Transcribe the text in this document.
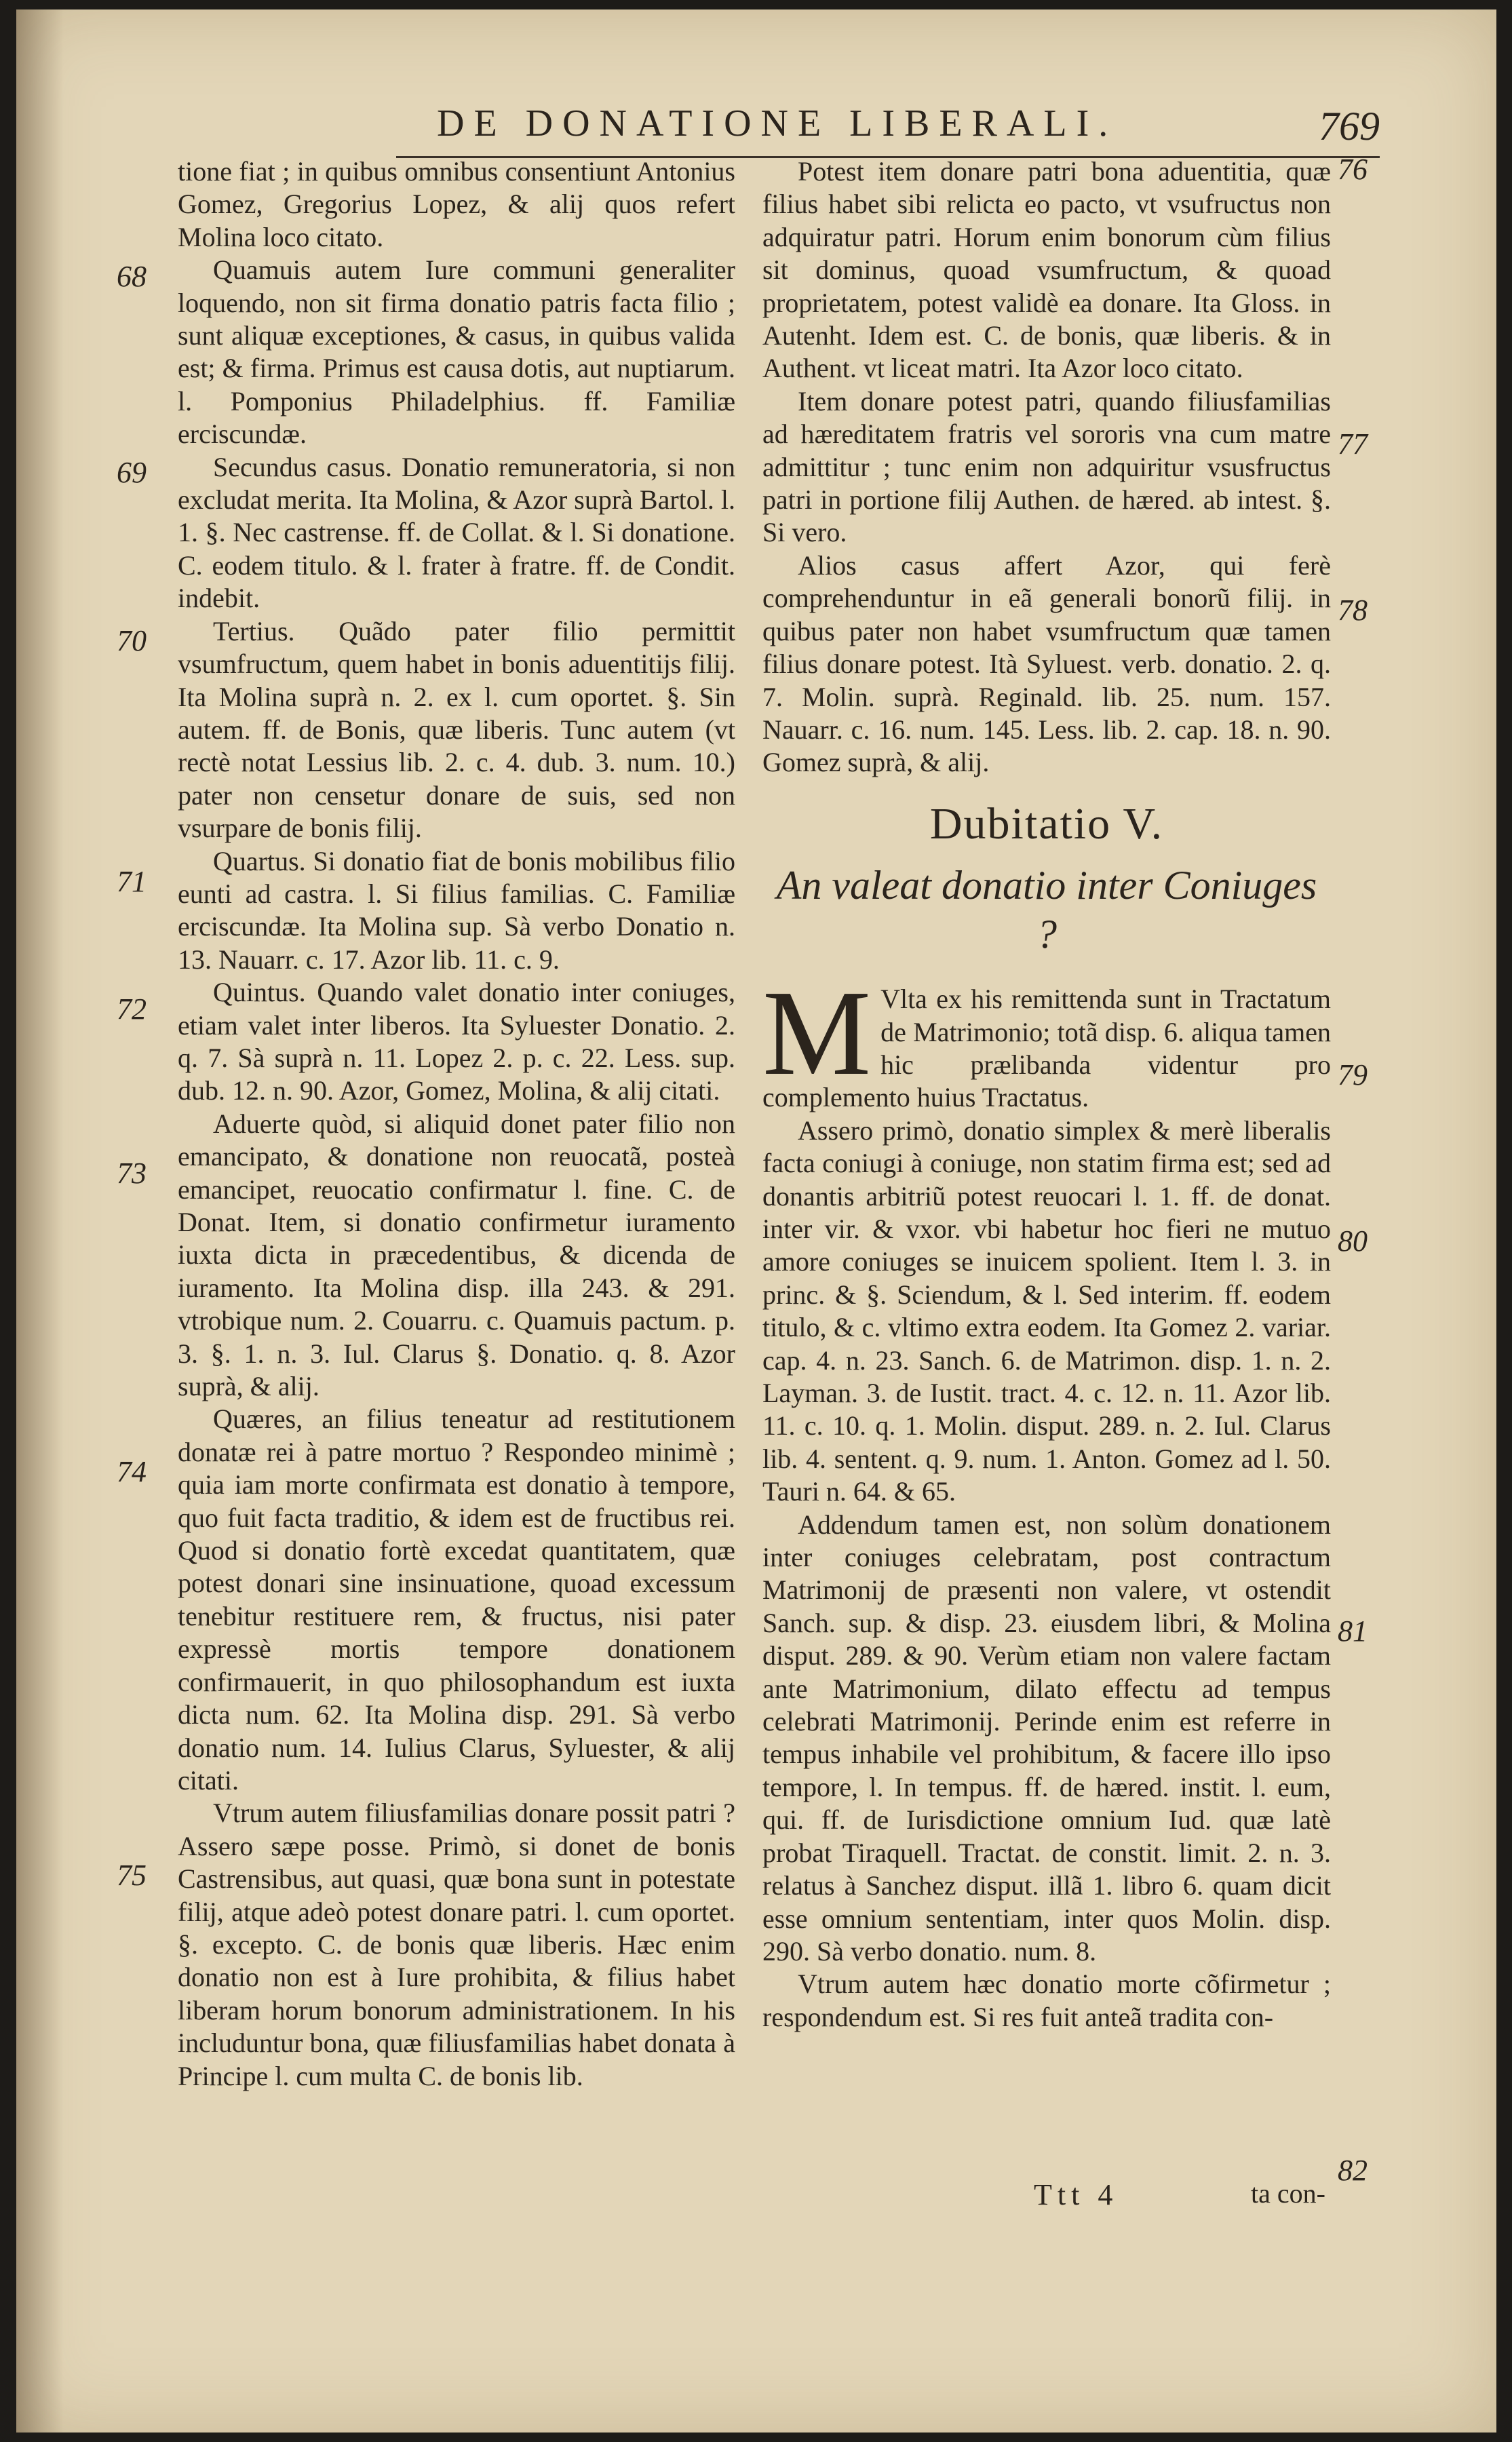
DE DONATIONE LIBERALI.	769

tione fiat ; in quibus omnibus consentiunt Antonius Gomez, Gregorius Lopez, & alij quos refert Molina loco citato.

Quamuis autem Iure communi generaliter loquendo, non sit firma donatio patris facta filio ; sunt aliquæ exceptiones, & casus, in quibus valida est; & firma. Primus est causa dotis, aut nuptiarum. l. Pomponius Philadelphius. ff. Familiæ erciscundæ.

Secundus casus. Donatio remuneratoria, si non excludat merita. Ita Molina, & Azor suprà Bartol. l. 1. §. Nec castrense. ff. de Collat. & l. Si donatione. C. eodem titulo. & l. frater à fratre. ff. de Condit. indebit.

Tertius. Quãdo pater filio permittit vsumfructum, quem habet in bonis aduentitijs filij. Ita Molina suprà n. 2. ex l. cum oportet. §. Sin autem. ff. de Bonis, quæ liberis. Tunc autem (vt rectè notat Lessius lib. 2. c. 4. dub. 3. num. 10.) pater non censetur donare de suis, sed non vsurpare de bonis filij.

Quartus. Si donatio fiat de bonis mobilibus filio eunti ad castra. l. Si filius familias. C. Familiæ erciscundæ. Ita Molina sup. Sà verbo Donatio n. 13. Nauarr. c. 17. Azor lib. 11. c. 9.

Quintus. Quando valet donatio inter coniuges, etiam valet inter liberos. Ita Syluester Donatio. 2. q. 7. Sà suprà n. 11. Lopez 2. p. c. 22. Less. sup. dub. 12. n. 90. Azor, Gomez, Molina, & alij citati.

Aduerte quòd, si aliquid donet pater filio non emancipato, & donatione non reuocatã, posteà emancipet, reuocatio confirmatur l. fine. C. de Donat. Item, si donatio confirmetur iuramento iuxta dicta in præcedentibus, & dicenda de iuramento. Ita Molina disp. illa 243. & 291. vtrobique num. 2. Couarru. c. Quamuis pactum. p. 3. §. 1. n. 3. Iul. Clarus §. Donatio. q. 8. Azor suprà, & alij.

Quæres, an filius teneatur ad restitutionem donatæ rei à patre mortuo ? Respondeo minimè ; quia iam morte confirmata est donatio à tempore, quo fuit facta traditio, & idem est de fructibus rei. Quod si donatio fortè excedat quantitatem, quæ potest donari sine insinuatione, quoad excessum tenebitur restituere rem, & fructus, nisi pater expressè mortis tempore donationem confirmauerit, in quo philosophandum est iuxta dicta num. 62. Ita Molina disp. 291. Sà verbo donatio num. 14. Iulius Clarus, Syluester, & alij citati.

Vtrum autem filiusfamilias donare possit patri ? Assero sæpe posse. Primò, si donet de bonis Castrensibus, aut quasi, quæ bona sunt in potestate filij, atque adeò potest donare patri. l. cum oportet. §. excepto. C. de bonis quæ liberis. Hæc enim donatio non est à Iure prohibita, & filius habet liberam horum bonorum administrationem. In his includuntur bona, quæ filiusfamilias habet donata à Principe l. cum multa C. de bonis lib.

68
69
70
71
72
73
74
75

Potest item donare patri bona aduentitia, quæ filius habet sibi relicta eo pacto, vt vsufructus non adquiratur patri. Horum enim bonorum cùm filius sit dominus, quoad vsumfructum, & quoad proprietatem, potest validè ea donare. Ita Gloss. in Autenht. Idem est. C. de bonis, quæ liberis. & in Authent. vt liceat matri. Ita Azor loco citato.

Item donare potest patri, quando filiusfamilias ad hæreditatem fratris vel sororis vna cum matre admittitur ; tunc enim non adquiritur vsusfructus patri in portione filij Authen. de hæred. ab intest. §. Si vero.

Alios casus affert Azor, qui ferè comprehenduntur in eã generali bonorũ filij. in quibus pater non habet vsumfructum quæ tamen filius donare potest. Ità Syluest. verb. donatio. 2. q. 7. Molin. suprà. Reginald. lib. 25. num. 157. Nauarr. c. 16. num. 145. Less. lib. 2. cap. 18. n. 90. Gomez suprà, & alij.

Dubitatio V.
An valeat donatio inter Coniuges ?

M Vlta ex his remittenda sunt in Tractatum de Matrimonio; totã disp. 6. aliqua tamen hic prælibanda videntur pro complemento huius Tractatus.

Assero primò, donatio simplex & merè liberalis facta coniugi à coniuge, non statim firma est; sed ad donantis arbitriũ potest reuocari l. 1. ff. de donat. inter vir. & vxor. vbi habetur hoc fieri ne mutuo amore coniuges se inuicem spolient. Item l. 3. in princ. & §. Sciendum, & l. Sed interim. ff. eodem titulo, & c. vltimo extra eodem. Ita Gomez 2. variar. cap. 4. n. 23. Sanch. 6. de Matrimon. disp. 1. n. 2. Layman. 3. de Iustit. tract. 4. c. 12. n. 11. Azor lib. 11. c. 10. q. 1. Molin. disput. 289. n. 2. Iul. Clarus lib. 4. sentent. q. 9. num. 1. Anton. Gomez ad l. 50. Tauri n. 64. & 65.

Addendum tamen est, non solùm donationem inter coniuges celebratam, post contractum Matrimonij de præsenti non valere, vt ostendit Sanch. sup. & disp. 23. eiusdem libri, & Molina disput. 289. & 90. Verùm etiam non valere factam ante Matrimonium, dilato effectu ad tempus celebrati Matrimonij. Perinde enim est referre in tempus inhabile vel prohibitum, & facere illo ipso tempore, l. In tempus. ff. de hæred. instit. l. eum, qui. ff. de Iurisdictione omnium Iud. quæ latè probat Tiraquell. Tractat. de constit. limit. 2. n. 3. relatus à Sanchez disput. illã 1. libro 6. quam dicit esse omnium sententiam, inter quos Molin. disp. 290. Sà verbo donatio. num. 8.

Vtrum autem hæc donatio morte cõfirmetur ; respondendum est. Si res fuit anteã tradita con-

76
77
78
79
80
81
82
Ttt 4	ta con-
